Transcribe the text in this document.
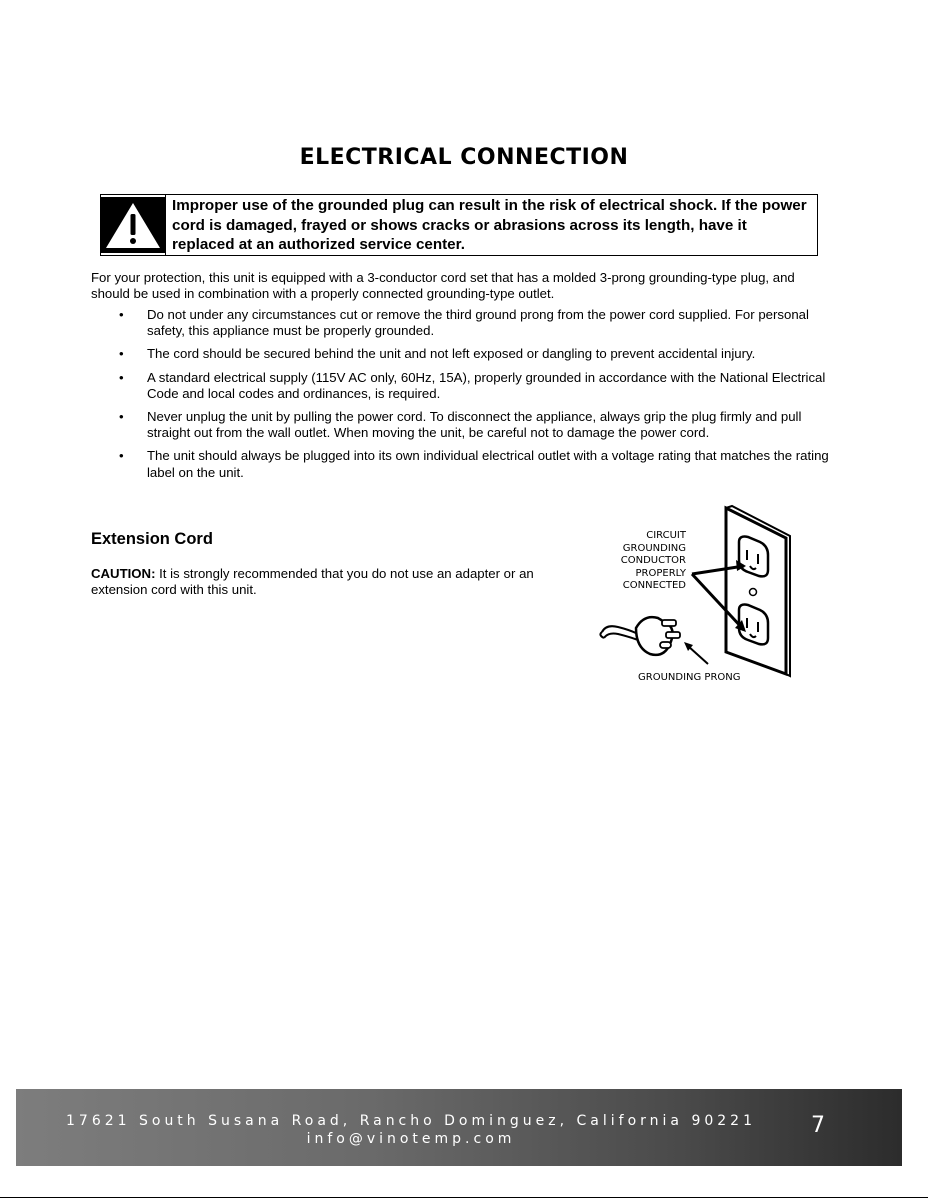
ELECTRICAL CONNECTION
Improper use of the grounded plug can result in the risk of electrical shock. If the power cord is damaged, frayed or shows cracks or abrasions across its length, have it replaced at an authorized service center.
For your protection, this unit is equipped with a 3-conductor cord set that has a molded 3-prong grounding-type plug, and should be used in combination with a properly connected grounding-type outlet.
• Do not under any circumstances cut or remove the third ground prong from the power cord supplied. For personal safety, this appliance must be properly grounded.
• The cord should be secured behind the unit and not left exposed or dangling to prevent accidental injury.
• A standard electrical supply (115V AC only, 60Hz, 15A), properly grounded in accordance with the National Electrical Code and local codes and ordinances, is required.
• Never unplug the unit by pulling the power cord. To disconnect the appliance, always grip the plug firmly and pull straight out from the wall outlet. When moving the unit, be careful not to damage the power cord.
• The unit should always be plugged into its own individual electrical outlet with a voltage rating that matches the rating label on the unit.
Extension Cord
CAUTION: It is strongly recommended that you do not use an adapter or an extension cord with this unit.
CIRCUIT
GROUNDING
CONDUCTOR
PROPERLY
CONNECTED
GROUNDING PRONG
17621 South Susana Road, Rancho Dominguez, California 90221
info@vinotemp.com
7
